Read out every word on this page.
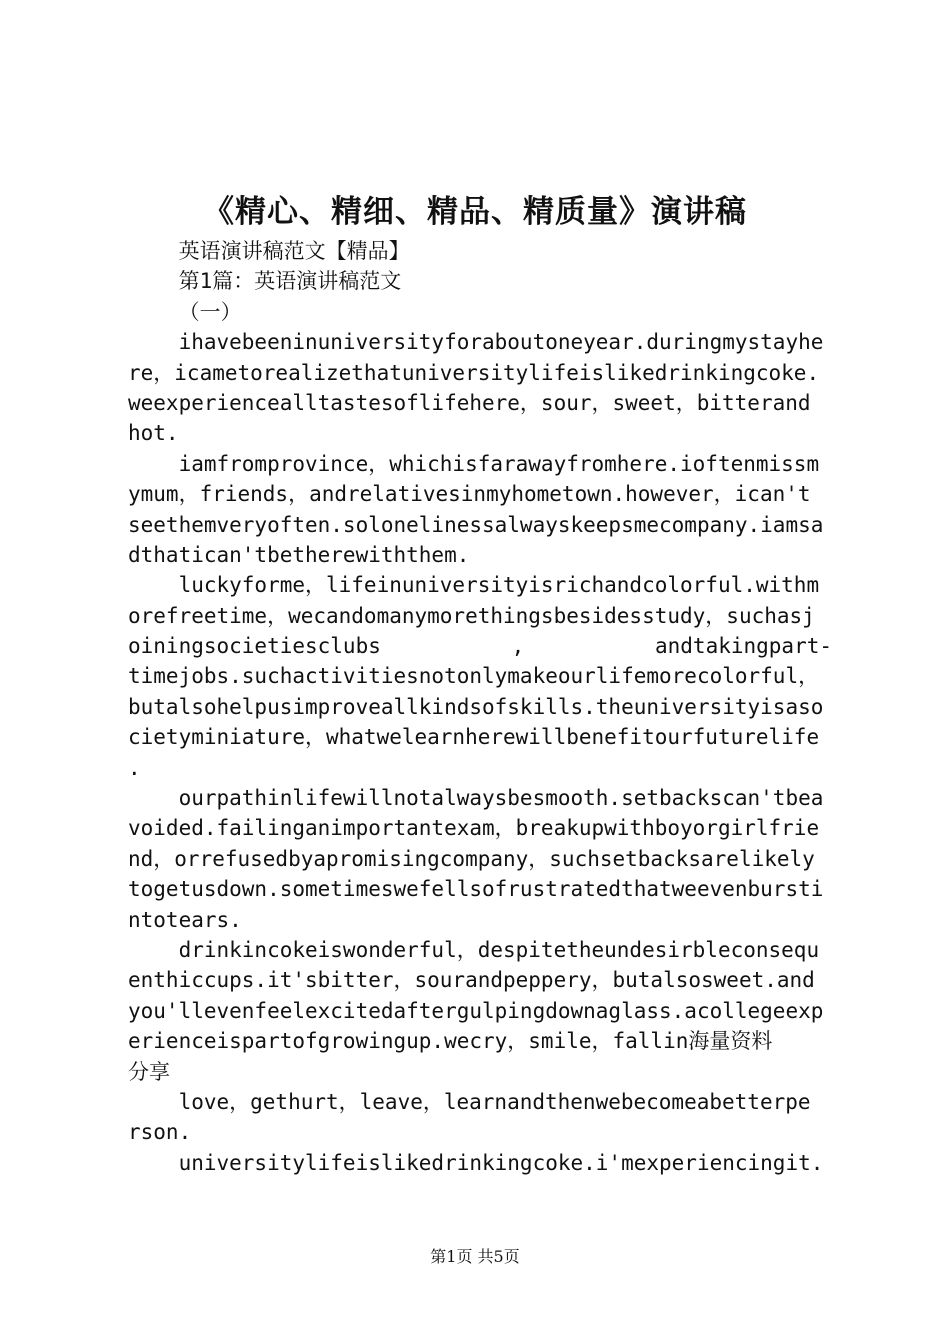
《精心、精细、精品、精质量》演讲稿
英语演讲稿范文【精品】
第1篇：英语演讲稿范文
（一）
ihavebeeninuniversityforaboutoneyear.duringmystayhe
re，icametorealizethatuniversitylifeislikedrinkingcoke.
weexperiencealltastesoflifehere，sour，sweet，bitterand
hot.
iamfromprovince，whichisfarawayfromhere.ioftenmissm
ymum，friends，andrelativesinmyhometown.however，ican't
seethemveryoften.solonelinessalwayskeepsmecompany.iamsa
dthatican'tbetherewiththem.
luckyforme，lifeinuniversityisrichandcolorful.withm
orefreetime，wecandomanymorethingsbesidesstudy，suchasj
oiningsocietiesclubs , andtakingpart-
timejobs.suchactivitiesnotonlymakeourlifemorecolorful，
butalsohelpusimproveallkindsofskills.theuniversityisaso
cietyminiature，whatwelearnherewillbenefitourfuturelife
.
ourpathinlifewillnotalwaysbesmooth.setbackscan'tbea
voided.failinganimportantexam，breakupwithboyorgirlfrie
nd，orrefusedbyapromisingcompany，suchsetbacksarelikely
togetusdown.sometimeswefellsofrustratedthatweevenbursti
ntotears.
drinkincokeiswonderful，despitetheundesirbleconsequ
enthiccups.it'sbitter，sourandpeppery，butalsosweet.and
you'llevenfeelexcitedaftergulpingdownaglass.acollegeexp
erienceispartofgrowingup.wecry，smile，fallin海量资料
分享
love，gethurt，leave，learnandthenwebecomeabetterpe
rson.
universitylifeislikedrinkingcoke.i'mexperiencingit.
第1页 共5页
